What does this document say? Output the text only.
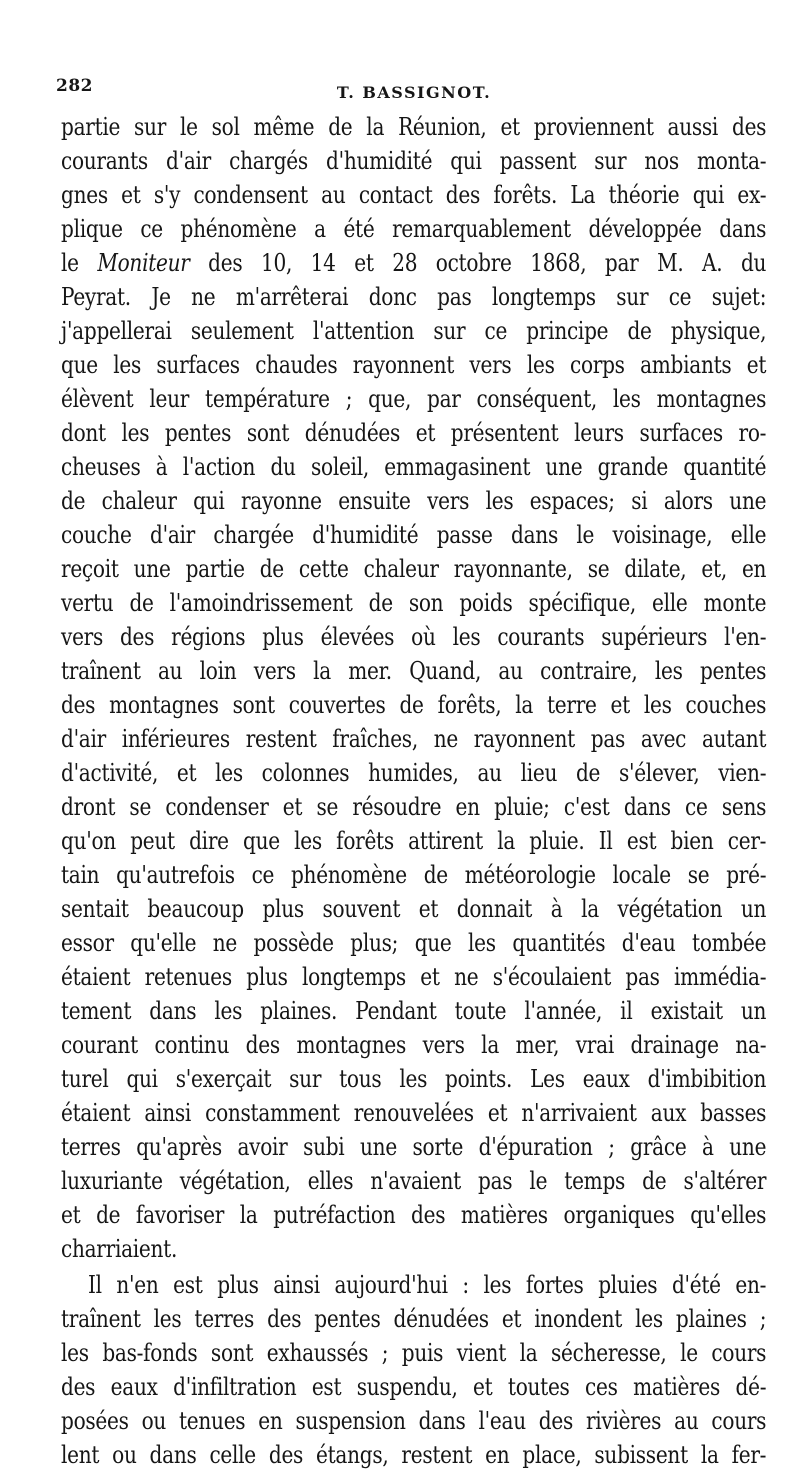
282	T. BASSIGNOT.
partie sur le sol même de la Réunion, et proviennent aussi des
courants d'air chargés d'humidité qui passent sur nos monta-
gnes et s'y condensent au contact des forêts. La théorie qui ex-
plique ce phénomène a été remarquablement développée dans
le Moniteur des 10, 14 et 28 octobre 1868, par M. A. du
Peyrat. Je ne m'arrêterai donc pas longtemps sur ce sujet:
j'appellerai seulement l'attention sur ce principe de physique,
que les surfaces chaudes rayonnent vers les corps ambiants et
élèvent leur température ; que, par conséquent, les montagnes
dont les pentes sont dénudées et présentent leurs surfaces ro-
cheuses à l'action du soleil, emmagasinent une grande quantité
de chaleur qui rayonne ensuite vers les espaces; si alors une
couche d'air chargée d'humidité passe dans le voisinage, elle
reçoit une partie de cette chaleur rayonnante, se dilate, et, en
vertu de l'amoindrissement de son poids spécifique, elle monte
vers des régions plus élevées où les courants supérieurs l'en-
traînent au loin vers la mer. Quand, au contraire, les pentes
des montagnes sont couvertes de forêts, la terre et les couches
d'air inférieures restent fraîches, ne rayonnent pas avec autant
d'activité, et les colonnes humides, au lieu de s'élever, vien-
dront se condenser et se résoudre en pluie; c'est dans ce sens
qu'on peut dire que les forêts attirent la pluie. Il est bien cer-
tain qu'autrefois ce phénomène de météorologie locale se pré-
sentait beaucoup plus souvent et donnait à la végétation un
essor qu'elle ne possède plus; que les quantités d'eau tombée
étaient retenues plus longtemps et ne s'écoulaient pas immédia-
tement dans les plaines. Pendant toute l'année, il existait un
courant continu des montagnes vers la mer, vrai drainage na-
turel qui s'exerçait sur tous les points. Les eaux d'imbibition
étaient ainsi constamment renouvelées et n'arrivaient aux basses
terres qu'après avoir subi une sorte d'épuration ; grâce à une
luxuriante végétation, elles n'avaient pas le temps de s'altérer
et de favoriser la putréfaction des matières organiques qu'elles
charriaient.
Il n'en est plus ainsi aujourd'hui : les fortes pluies d'été en-
traînent les terres des pentes dénudées et inondent les plaines ;
les bas-fonds sont exhaussés ; puis vient la sécheresse, le cours
des eaux d'infiltration est suspendu, et toutes ces matières dé-
posées ou tenues en suspension dans l'eau des rivières au cours
lent ou dans celle des étangs, restent en place, subissent la fer-
